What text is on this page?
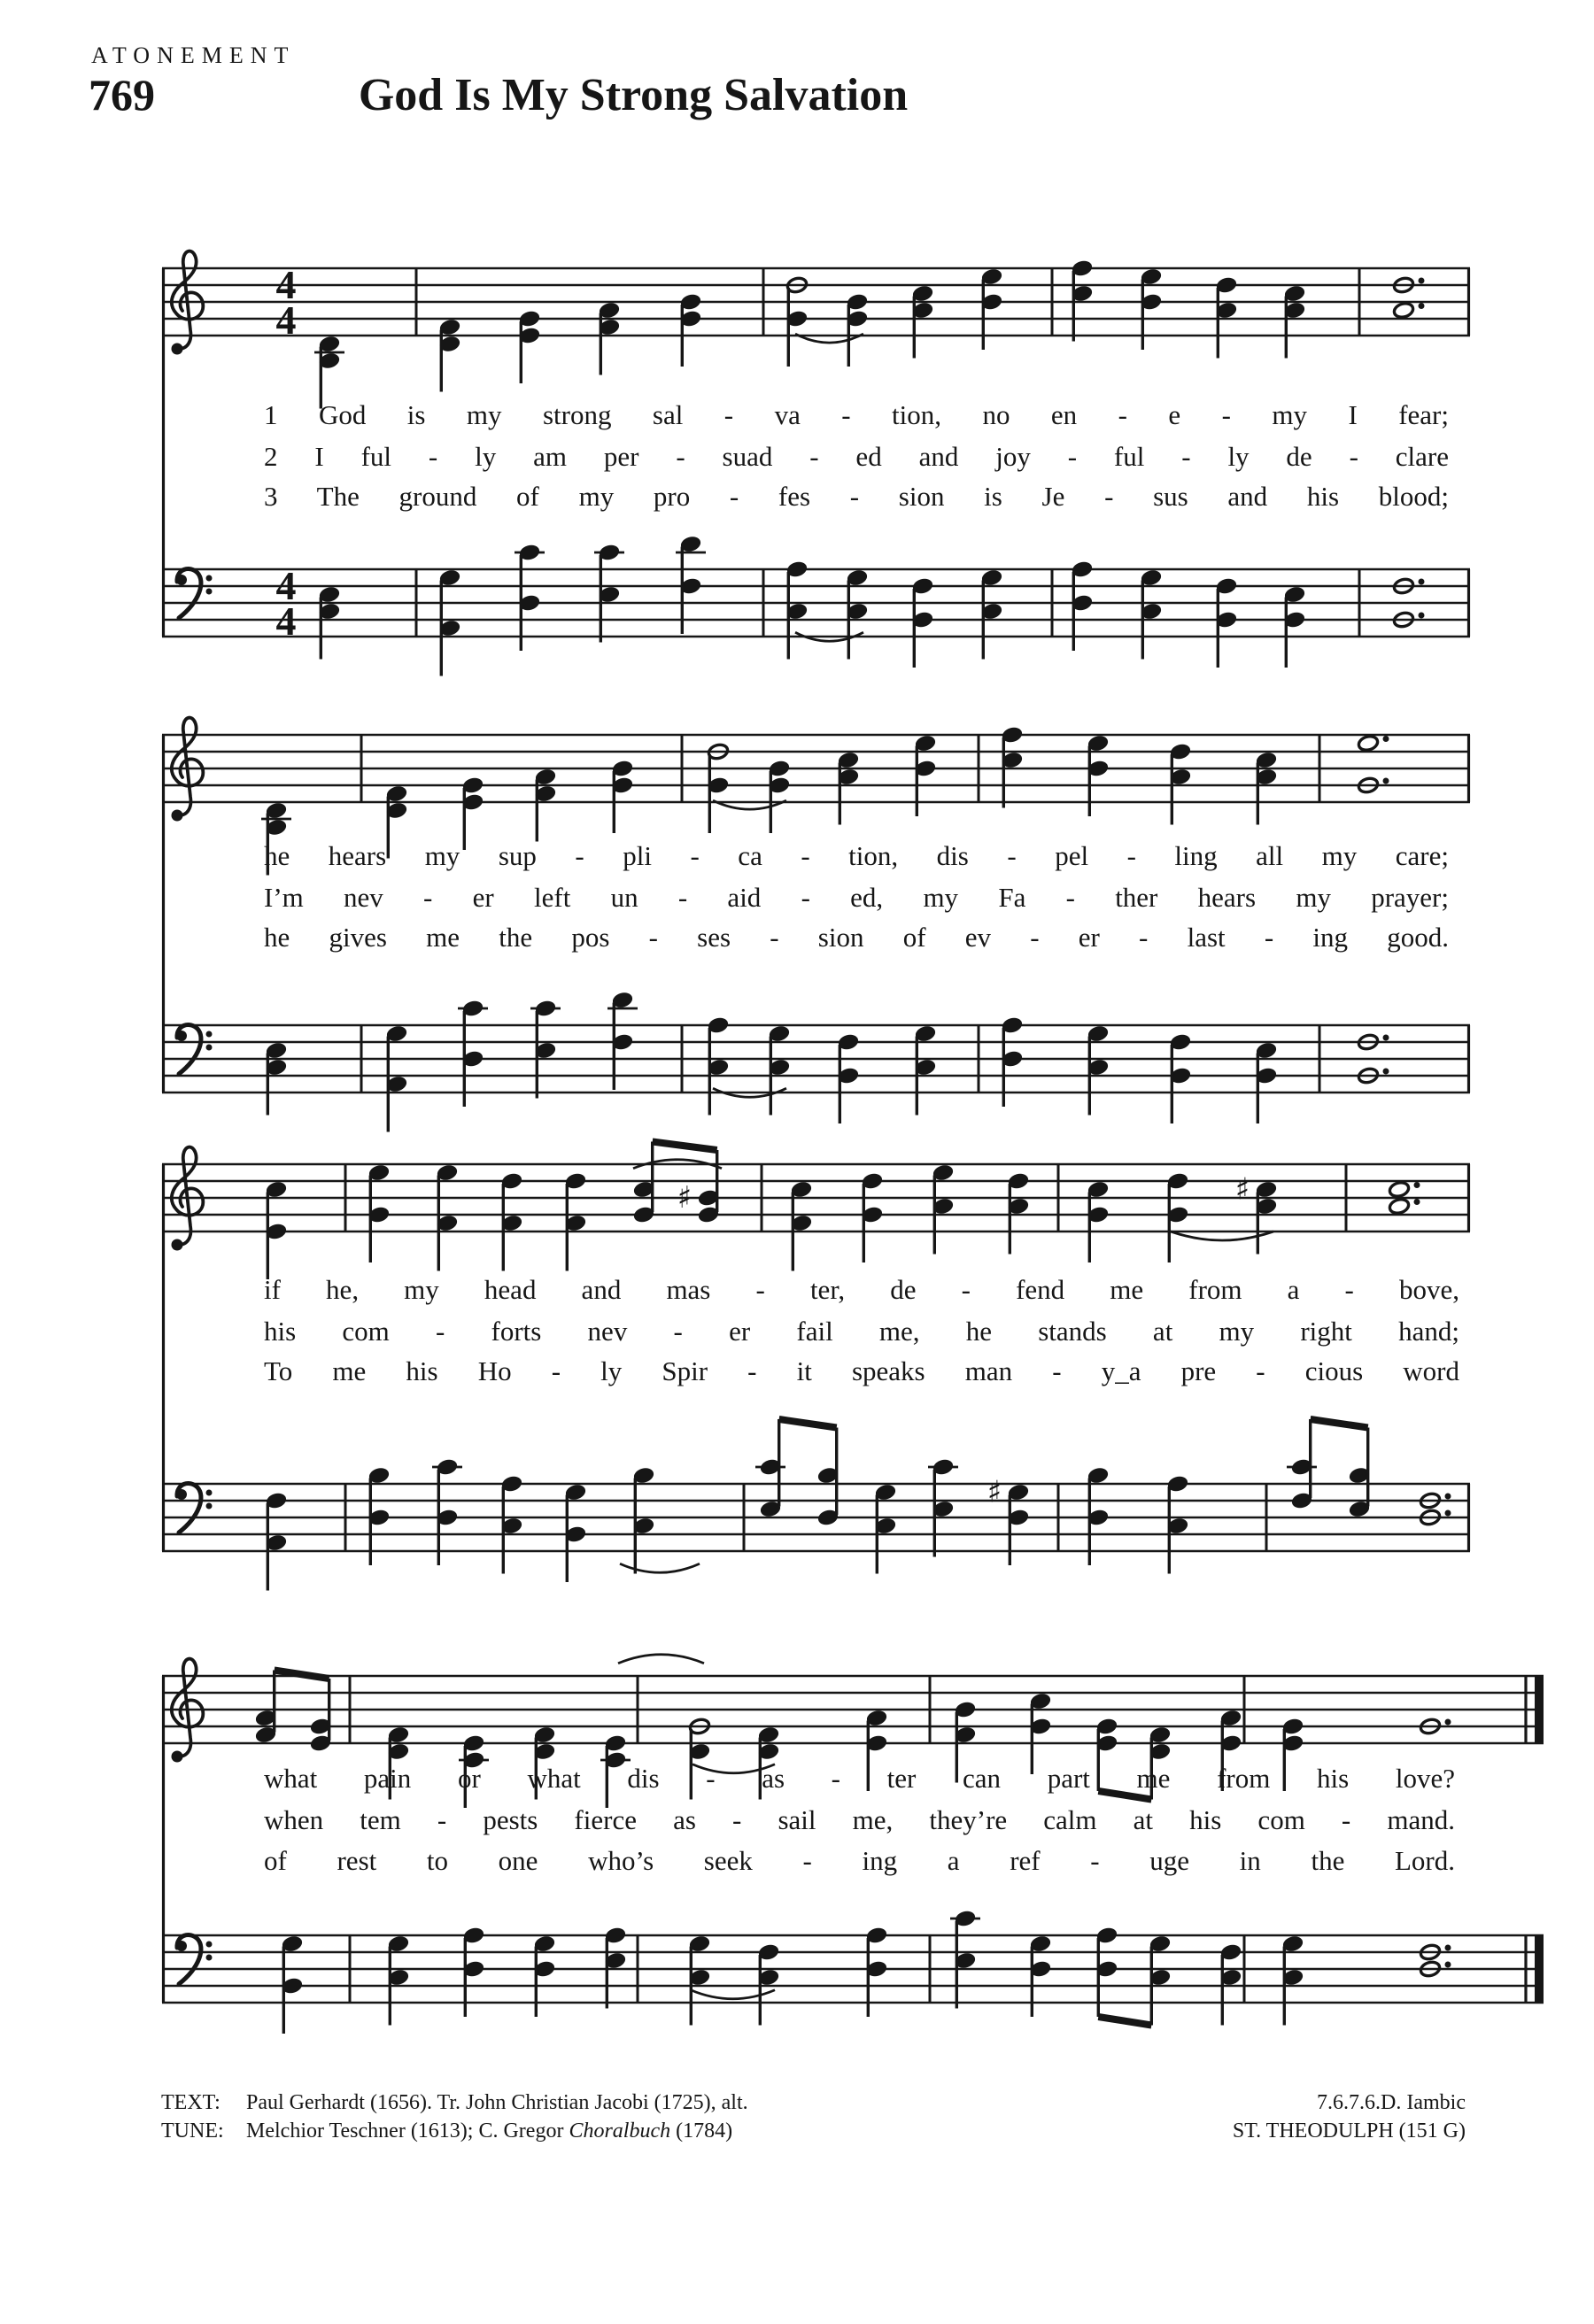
4
4
4
4
♯	♯
♯
ATONEMENT
769	God Is My Strong Salvation
1 God is my strong sal - va - tion, no en - e - my I fear;
2 I ful - ly am per - suad - ed and joy - ful - ly de - clare
3 The ground of my pro - fes - sion is Je - sus and his blood;
he hears my sup - pli - ca - tion, dis - pel - ling all my care;
I’m nev - er left un - aid - ed, my Fa - ther hears my prayer;
he gives me the pos - ses - sion of ev - er - last - ing good.
if he, my head and mas - ter, de - fend me from a - bove,
his com - forts nev - er fail me, he stands at my right hand;
To me his Ho - ly Spir - it speaks man - y_a pre - cious word
what pain or what dis - as - ter can part me from his love?
when tem - pests fierce as - sail me, they’re calm at his com - mand.
of rest to one who’s seek - ing a ref - uge in the Lord.
TEXT: Paul Gerhardt (1656). Tr. John Christian Jacobi (1725), alt.
TUNE: Melchior Teschner (1613); C. Gregor Choralbuch (1784)
7.6.7.6.D. Iambic
ST. THEODULPH (151 G)
